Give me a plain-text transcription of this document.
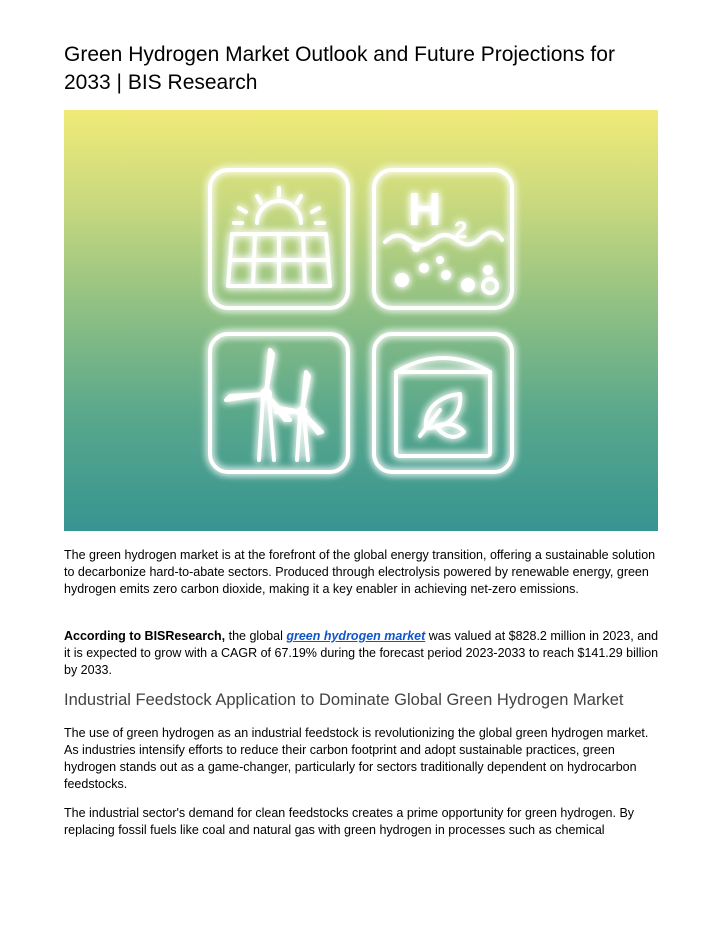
Green Hydrogen Market Outlook and Future Projections for 2033 | BIS Research
H 2

The green hydrogen market is at the forefront of the global energy transition, offering a sustainable solution to decarbonize hard-to-abate sectors. Produced through electrolysis powered by renewable energy, green hydrogen emits zero carbon dioxide, making it a key enabler in achieving net-zero emissions.

According to BISResearch, the global green hydrogen market was valued at $828.2 million in 2023, and it is expected to grow with a CAGR of 67.19% during the forecast period 2023-2033 to reach $141.29 billion by 2033.

Industrial Feedstock Application to Dominate Global Green Hydrogen Market

The use of green hydrogen as an industrial feedstock is revolutionizing the global green hydrogen market. As industries intensify efforts to reduce their carbon footprint and adopt sustainable practices, green hydrogen stands out as a game-changer, particularly for sectors traditionally dependent on hydrocarbon feedstocks.

The industrial sector's demand for clean feedstocks creates a prime opportunity for green hydrogen. By replacing fossil fuels like coal and natural gas with green hydrogen in processes such as chemical
